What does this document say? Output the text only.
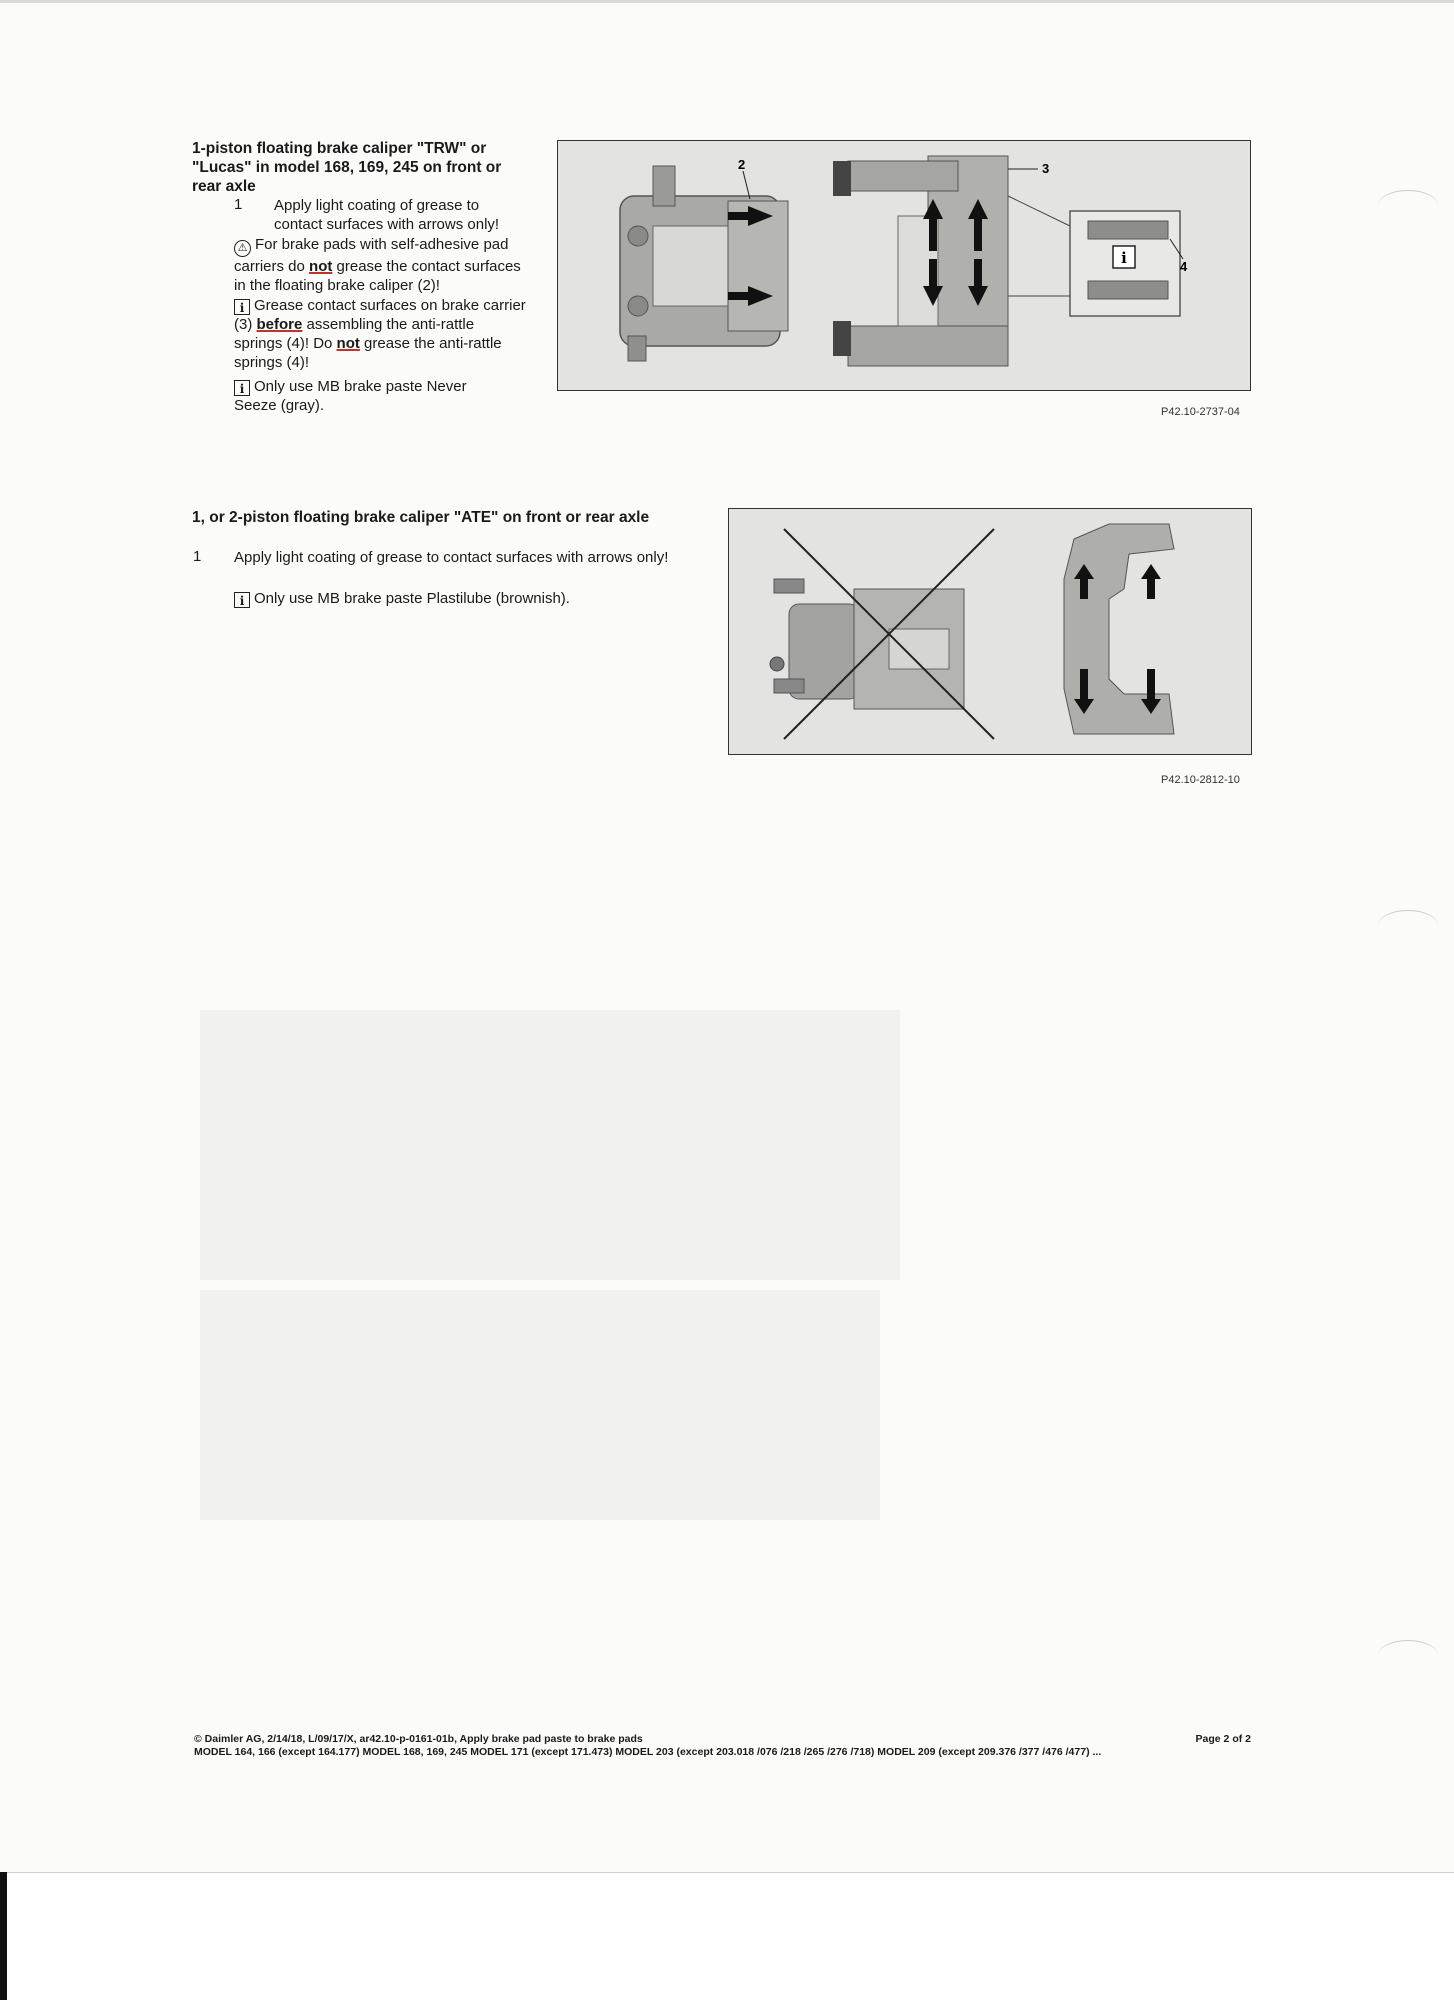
1-piston floating brake caliper "TRW" or "Lucas" in model 168, 169, 245 on front or rear axle
1 Apply light coating of grease to contact surfaces with arrows only!
⚠ For brake pads with self-adhesive pad carriers do not grease the contact surfaces in the floating brake caliper (2)!
i Grease contact surfaces on brake carrier (3) before assembling the anti-rattle springs (4)! Do not grease the anti-rattle springs (4)!
i Only use MB brake paste Never Seeze (gray).
i
2	3
4
P42.10-2737-04
1, or 2-piston floating brake caliper "ATE" on front or rear axle
1 Apply light coating of grease to contact surfaces with arrows only!
i Only use MB brake paste Plastilube (brownish).
P42.10-2812-10
© Daimler AG, 2/14/18, L/09/17/X, ar42.10-p-0161-01b, Apply brake pad paste to brake pads	Page 2 of 2
MODEL 164, 166 (except 164.177) MODEL 168, 169, 245 MODEL 171 (except 171.473) MODEL 203 (except 203.018 /076 /218 /265 /276 /718) MODEL 209 (except 209.376 /377 /476 /477) ...
